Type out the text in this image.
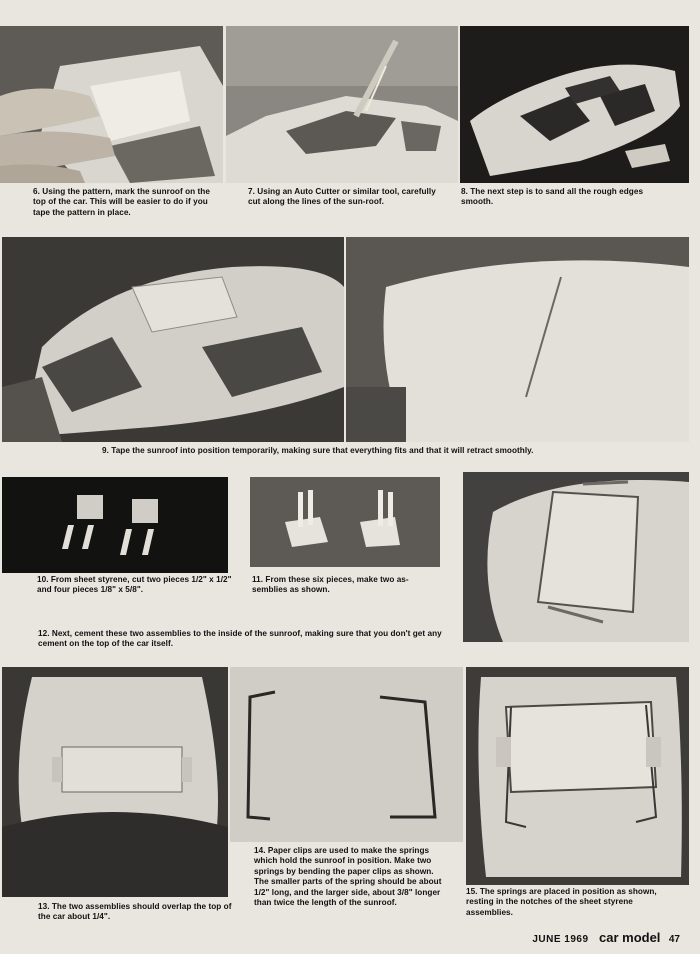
6. Using the pattern, mark the sunroof on the top of the car. This will be easier to do if you tape the pattern in place.

7. Using an Auto Cutter or similar tool, carefully cut along the lines of the sun-roof.

8. The next step is to sand all the rough edges smooth.

9. Tape the sunroof into position temporarily, making sure that everything fits and that it will retract smoothly.

10. From sheet styrene, cut two pieces 1/2" x 1/2" and four pieces 1/8" x 5/8".

11. From these six pieces, make two as-semblies as shown.

12. Next, cement these two assemblies to the inside of the sunroof, making sure that you don't get any cement on the top of the car itself.

14. Paper clips are used to make the springs which hold the sunroof in position. Make two springs by bending the paper clips as shown. The smaller parts of the spring should be about 1/2" long, and the larger side, about 3/8" longer than twice the length of the sunroof.

15. The springs are placed in position as shown, resting in the notches of the sheet styrene assemblies.

13. The two assemblies should overlap the top of the car about 1/4".

JUNE 1969 car model 47
